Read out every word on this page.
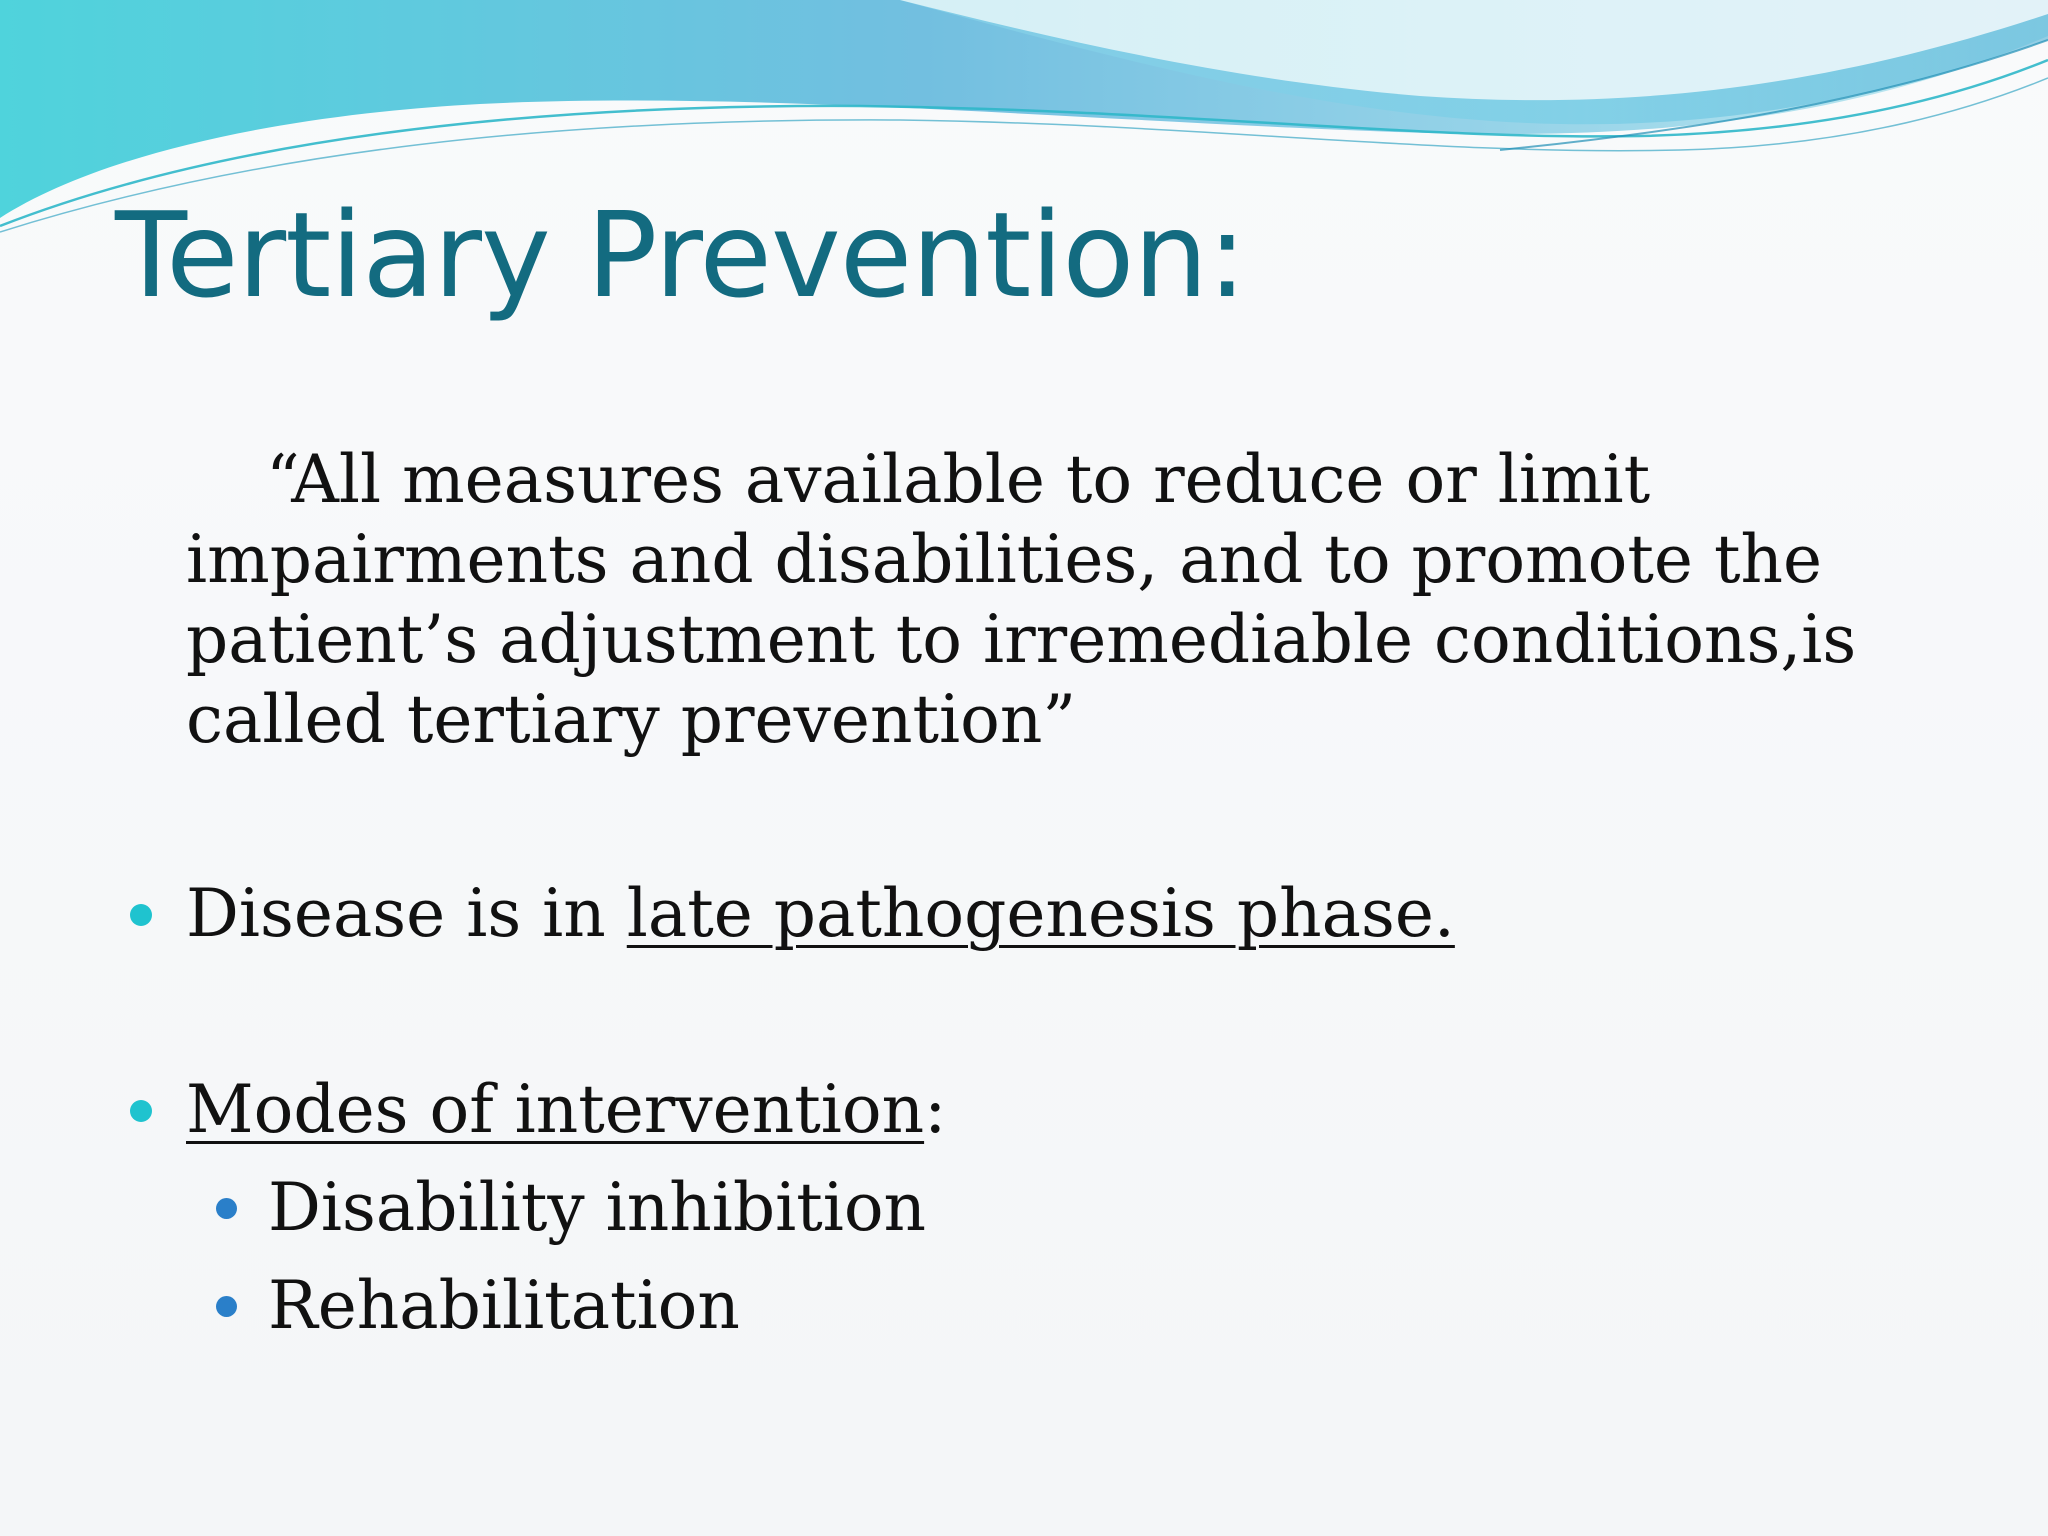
Tertiary Prevention:

“All measures available to reduce or limit impairments and disabilities, and to promote the patient’s adjustment to irremediable conditions,is called tertiary prevention”

Disease is in late pathogenesis phase.

Modes of intervention:

Disability inhibition

Rehabilitation
